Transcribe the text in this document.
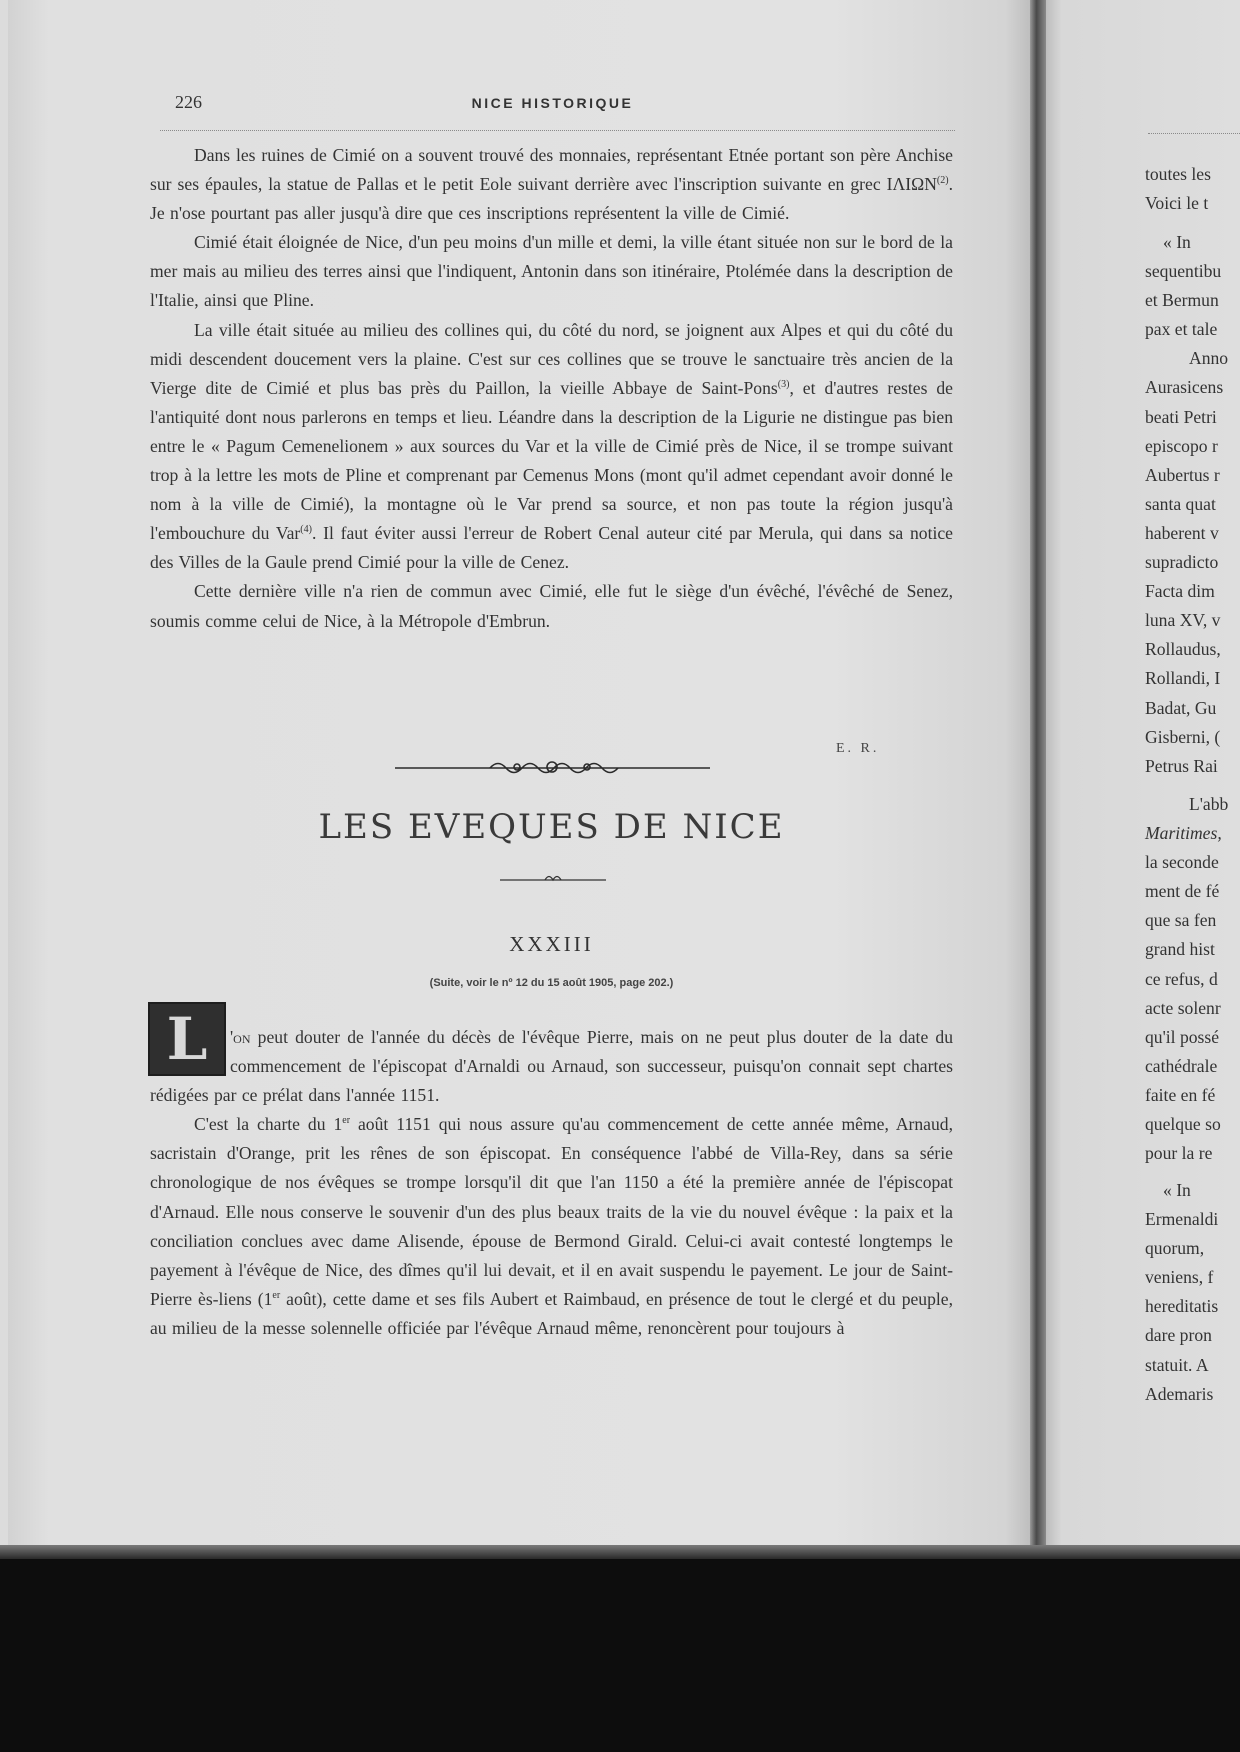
226	NICE HISTORIQUE

Dans les ruines de Cimié on a souvent trouvé des monnaies, représentant Etnée portant son père Anchise sur ses épaules, la statue de Pallas et le petit Eole suivant derrière avec l'inscription suivante en grec ΙΛΙΩΝ$^{(2)}$. Je n'ose pourtant pas aller jusqu'à dire que ces inscriptions représentent la ville de Cimié.

Cimié était éloignée de Nice, d'un peu moins d'un mille et demi, la ville étant située non sur le bord de la mer mais au milieu des terres ainsi que l'indiquent, Antonin dans son itinéraire, Ptolémée dans la description de l'Italie, ainsi que Pline.

La ville était située au milieu des collines qui, du côté du nord, se joignent aux Alpes et qui du côté du midi descendent doucement vers la plaine. C'est sur ces collines que se trouve le sanctuaire très ancien de la Vierge dite de Cimié et plus bas près du Paillon, la vieille Abbaye de Saint-Pons$^{(3)}$, et d'autres restes de l'antiquité dont nous parlerons en temps et lieu. Léandre dans la description de la Ligurie ne distingue pas bien entre le « Pagum Cemenelionem » aux sources du Var et la ville de Cimié près de Nice, il se trompe suivant trop à la lettre les mots de Pline et comprenant par Cemenus Mons (mont qu'il admet cependant avoir donné le nom à la ville de Cimié), la montagne où le Var prend sa source, et non pas toute la région jusqu'à l'embouchure du Var$^{(4)}$. Il faut éviter aussi l'erreur de Robert Cenal auteur cité par Merula, qui dans sa notice des Villes de la Gaule prend Cimié pour la ville de Cenez.

Cette dernière ville n'a rien de commun avec Cimié, elle fut le siège d'un évêché, l'évêché de Senez, soumis comme celui de Nice, à la Métropole d'Embrun.

E. R.
LES EVEQUES DE NICE
XXXIII
(Suite, voir le nº 12 du 15 août 1905, page 202.)
L	'on peut douter de l'année du décès de l'évêque Pierre, mais on ne peut plus douter de la date du commencement de l'épiscopat d'Arnaldi ou Arnaud, son successeur, puisqu'on connait sept chartes rédigées par ce prélat dans l'année 1151.

C'est la charte du 1er août 1151 qui nous assure qu'au commencement de cette année même, Arnaud, sacristain d'Orange, prit les rênes de son épiscopat. En conséquence l'abbé de Villa-Rey, dans sa série chronologique de nos évêques se trompe lorsqu'il dit que l'an 1150 a été la première année de l'épiscopat d'Arnaud. Elle nous conserve le souvenir d'un des plus beaux traits de la vie du nouvel évêque : la paix et la conciliation conclues avec dame Alisende, épouse de Bermond Girald. Celui-ci avait contesté longtemps le payement à l'évêque de Nice, des dîmes qu'il lui devait, et il en avait suspendu le payement. Le jour de Saint-Pierre ès-liens (1er août), cette dame et ses fils Aubert et Raimbaud, en présence de tout le clergé et du peuple, au milieu de la messe solennelle officiée par l'évêque Arnaud même, renoncèrent pour toujours à

toutes les
Voici le t
« In
sequentibu
et Bermun
pax et tale
Anno
Aurasicens
beati Petri
episcopo r
Aubertus r
santa quat
haberent v
supradicto
Facta dim
luna XV, v
Rollaudus,
Rollandi, I
Badat, Gu
Gisberni, (
Petrus Rai
L'abb
Maritimes,
la seconde
ment de fé
que sa fen
grand hist
ce refus, d
acte solenr
qu'il possé
cathédrale
faite en fé
quelque so
pour la re
« In
Ermenaldi
quorum,
veniens, f
hereditatis
dare pron
statuit. A
Ademaris
